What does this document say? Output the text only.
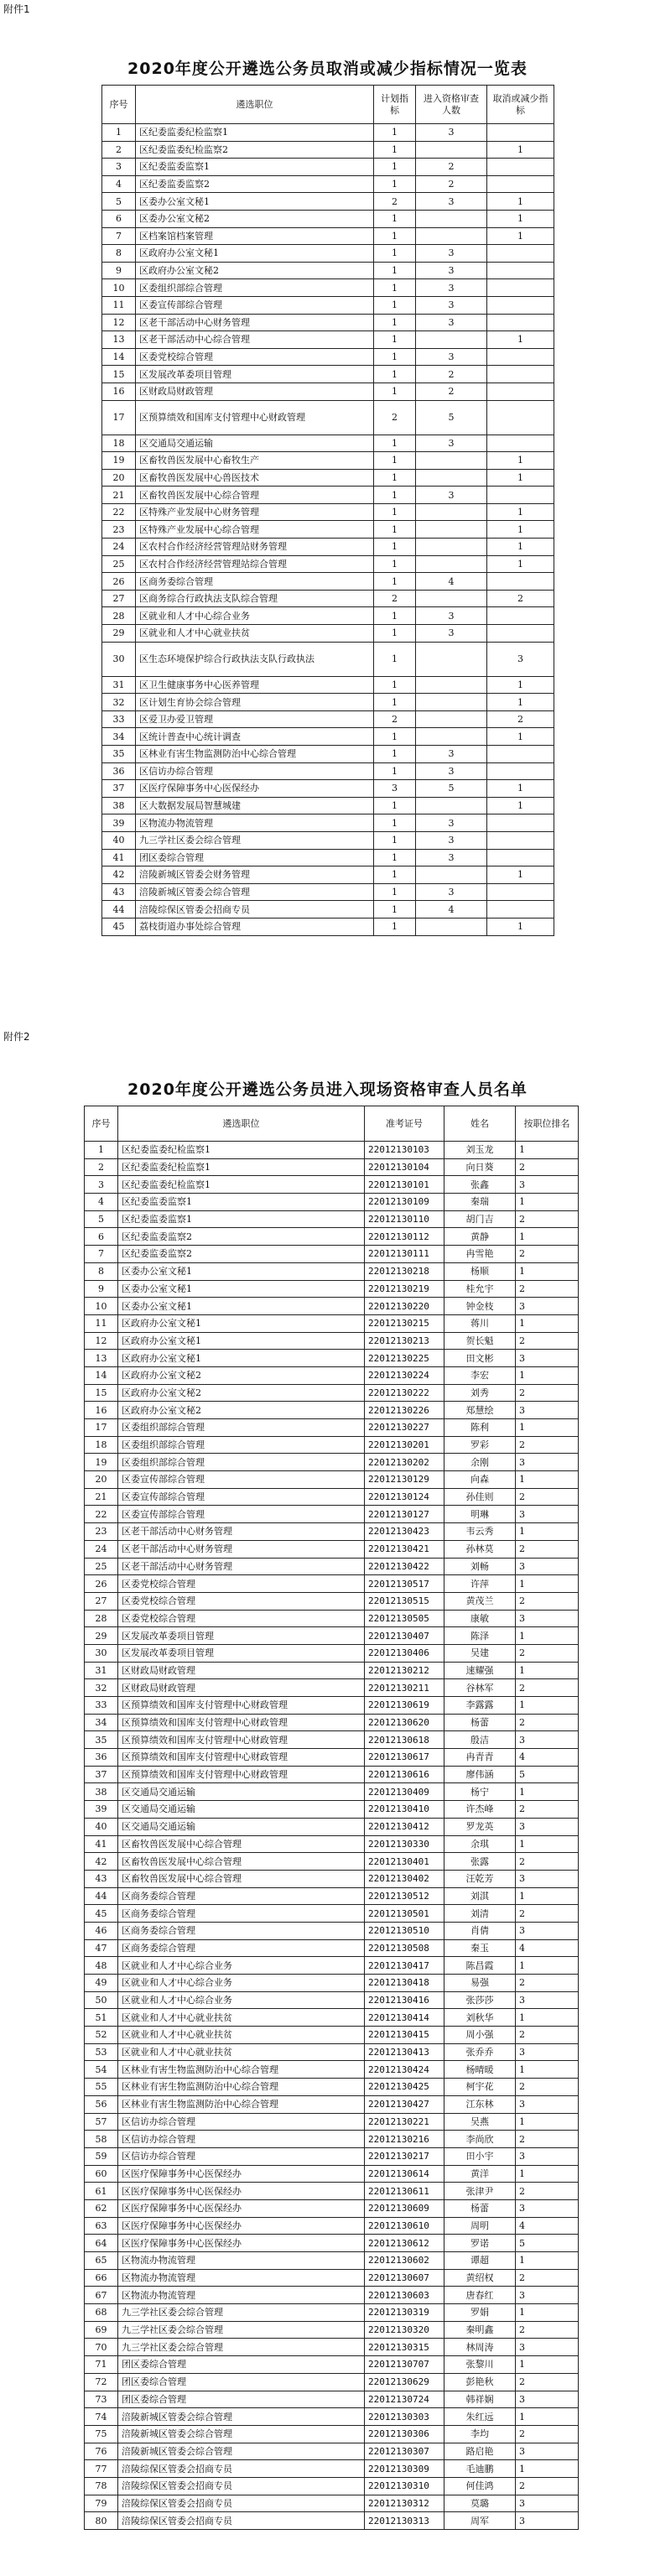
附件1
2020年度公开遴选公务员取消或减少指标情况一览表
序号	遴选职位	计划指标	进入资格审查人数	取消或减少指标
1	区纪委监委纪检监察1	1	3	
2	区纪委监委纪检监察2	1		1
3	区纪委监委监察1	1	2	
4	区纪委监委监察2	1	2	
5	区委办公室文秘1	2	3	1
6	区委办公室文秘2	1		1
7	区档案馆档案管理	1		1
8	区政府办公室文秘1	1	3	
9	区政府办公室文秘2	1	3	
10	区委组织部综合管理	1	3	
11	区委宣传部综合管理	1	3	
12	区老干部活动中心财务管理	1	3	
13	区老干部活动中心综合管理	1		1
14	区委党校综合管理	1	3	
15	区发展改革委项目管理	1	2	
16	区财政局财政管理	1	2	
17	区预算绩效和国库支付管理中心财政管理	2	5	
18	区交通局交通运输	1	3	
19	区畜牧兽医发展中心畜牧生产	1		1
20	区畜牧兽医发展中心兽医技术	1		1
21	区畜牧兽医发展中心综合管理	1	3	
22	区特殊产业发展中心财务管理	1		1
23	区特殊产业发展中心综合管理	1		1
24	区农村合作经济经营管理站财务管理	1		1
25	区农村合作经济经营管理站综合管理	1		1
26	区商务委综合管理	1	4	
27	区商务综合行政执法支队综合管理	2		2
28	区就业和人才中心综合业务	1	3	
29	区就业和人才中心就业扶贫	1	3	
30	区生态环境保护综合行政执法支队行政执法	1		3
31	区卫生健康事务中心医养管理	1		1
32	区计划生育协会综合管理	1		1
33	区爱卫办爱卫管理	2		2
34	区统计普查中心统计调查	1		1
35	区林业有害生物监测防治中心综合管理	1	3	
36	区信访办综合管理	1	3	
37	区医疗保障事务中心医保经办	3	5	1
38	区大数据发展局智慧城建	1		1
39	区物流办物流管理	1	3	
40	九三学社区委会综合管理	1	3	
41	团区委综合管理	1	3	
42	涪陵新城区管委会财务管理	1		1
43	涪陵新城区管委会综合管理	1	3	
44	涪陵综保区管委会招商专员	1	4	
45	荔枝街道办事处综合管理	1		1
附件2
2020年度公开遴选公务员进入现场资格审查人员名单
序号	遴选职位	准考证号	姓名	按职位排名
1	区纪委监委纪检监察1	22012130103	刘玉龙	1
2	区纪委监委纪检监察1	22012130104	向日葵	2
3	区纪委监委纪检监察1	22012130101	张鑫	3
4	区纪委监委监察1	22012130109	秦瑞	1
5	区纪委监委监察1	22012130110	胡门吉	2
6	区纪委监委监察2	22012130112	黄静	1
7	区纪委监委监察2	22012130111	冉雪艳	2
8	区委办公室文秘1	22012130218	杨顺	1
9	区委办公室文秘1	22012130219	桂允宇	2
10	区委办公室文秘1	22012130220	钟金枝	3
11	区政府办公室文秘1	22012130215	蒋川	1
12	区政府办公室文秘1	22012130213	贺长魁	2
13	区政府办公室文秘1	22012130225	田文彬	3
14	区政府办公室文秘2	22012130224	李宏	1
15	区政府办公室文秘2	22012130222	刘秀	2
16	区政府办公室文秘2	22012130226	郑慧绘	3
17	区委组织部综合管理	22012130227	陈利	1
18	区委组织部综合管理	22012130201	罗彩	2
19	区委组织部综合管理	22012130202	余刚	3
20	区委宣传部综合管理	22012130129	向森	1
21	区委宣传部综合管理	22012130124	孙佳则	2
22	区委宣传部综合管理	22012130127	明琳	3
23	区老干部活动中心财务管理	22012130423	韦云秀	1
24	区老干部活动中心财务管理	22012130421	孙林莫	2
25	区老干部活动中心财务管理	22012130422	刘畅	3
26	区委党校综合管理	22012130517	许萍	1
27	区委党校综合管理	22012130515	黄茂兰	2
28	区委党校综合管理	22012130505	康敏	3
29	区发展改革委项目管理	22012130407	陈泽	1
30	区发展改革委项目管理	22012130406	吴建	2
31	区财政局财政管理	22012130212	速耀强	1
32	区财政局财政管理	22012130211	谷林军	2
33	区预算绩效和国库支付管理中心财政管理	22012130619	李露露	1
34	区预算绩效和国库支付管理中心财政管理	22012130620	杨蕾	2
35	区预算绩效和国库支付管理中心财政管理	22012130618	殷洁	3
36	区预算绩效和国库支付管理中心财政管理	22012130617	冉青青	4
37	区预算绩效和国库支付管理中心财政管理	22012130616	廖伟涵	5
38	区交通局交通运输	22012130409	杨宁	1
39	区交通局交通运输	22012130410	许杰峰	2
40	区交通局交通运输	22012130412	罗龙英	3
41	区畜牧兽医发展中心综合管理	22012130330	余琪	1
42	区畜牧兽医发展中心综合管理	22012130401	张露	2
43	区畜牧兽医发展中心综合管理	22012130402	汪乾芳	3
44	区商务委综合管理	22012130512	刘淇	1
45	区商务委综合管理	22012130501	刘清	2
46	区商务委综合管理	22012130510	肖倩	3
47	区商务委综合管理	22012130508	秦玉	4
48	区就业和人才中心综合业务	22012130417	陈昌霞	1
49	区就业和人才中心综合业务	22012130418	易强	2
50	区就业和人才中心综合业务	22012130416	张莎莎	3
51	区就业和人才中心就业扶贫	22012130414	刘秋华	1
52	区就业和人才中心就业扶贫	22012130415	周小强	2
53	区就业和人才中心就业扶贫	22012130413	张乔乔	3
54	区林业有害生物监测防治中心综合管理	22012130424	杨晴暖	1
55	区林业有害生物监测防治中心综合管理	22012130425	柯宇花	2
56	区林业有害生物监测防治中心综合管理	22012130427	江东林	3
57	区信访办综合管理	22012130221	吴燕	1
58	区信访办综合管理	22012130216	李尚欣	2
59	区信访办综合管理	22012130217	田小宇	3
60	区医疗保障事务中心医保经办	22012130614	黄洋	1
61	区医疗保障事务中心医保经办	22012130611	张津尹	2
62	区医疗保障事务中心医保经办	22012130609	杨蕾	3
63	区医疗保障事务中心医保经办	22012130610	周明	4
64	区医疗保障事务中心医保经办	22012130612	罗诺	5
65	区物流办物流管理	22012130602	谭超	1
66	区物流办物流管理	22012130607	黄绍权	2
67	区物流办物流管理	22012130603	唐春红	3
68	九三学社区委会综合管理	22012130319	罗娟	1
69	九三学社区委会综合管理	22012130320	秦明鑫	2
70	九三学社区委会综合管理	22012130315	林周涛	3
71	团区委综合管理	22012130707	张黎川	1
72	团区委综合管理	22012130629	彭艳秋	2
73	团区委综合管理	22012130724	韩祥娴	3
74	涪陵新城区管委会综合管理	22012130303	朱红远	1
75	涪陵新城区管委会综合管理	22012130306	李均	2
76	涪陵新城区管委会综合管理	22012130307	路启艳	3
77	涪陵综保区管委会招商专员	22012130309	毛迪鹏	1
78	涪陵综保区管委会招商专员	22012130310	何佳鸿	2
79	涪陵综保区管委会招商专员	22012130312	莫璐	3
80	涪陵综保区管委会招商专员	22012130313	周军	3
